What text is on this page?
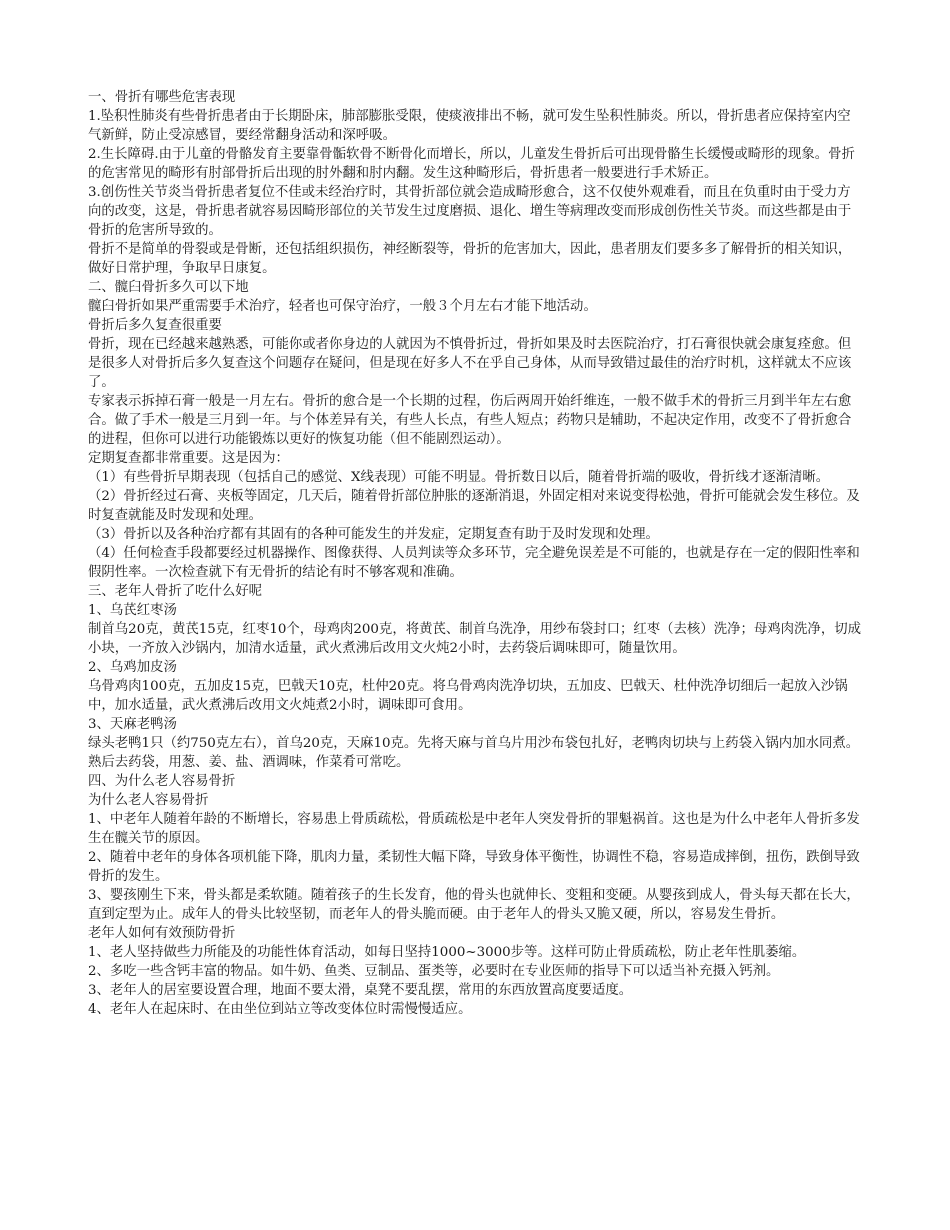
一、骨折有哪些危害表现

1.坠积性肺炎有些骨折患者由于长期卧床，肺部膨胀受限，使痰液排出不畅，就可发生坠积性肺炎。所以，骨折患者应保持室内空气新鲜，防止受凉感冒，要经常翻身活动和深呼吸。

2.生长障碍.由于儿童的骨骼发育主要靠骨骺软骨不断骨化而增长，所以，儿童发生骨折后可出现骨骼生长缓慢或畸形的现象。骨折的危害常见的畸形有肘部骨折后出现的肘外翻和肘内翻。发生这种畸形后，骨折患者一般要进行手术矫正。

3.创伤性关节炎当骨折患者复位不佳或未经治疗时，其骨折部位就会造成畸形愈合，这不仅使外观难看，而且在负重时由于受力方向的改变，这是，骨折患者就容易因畸形部位的关节发生过度磨损、退化、增生等病理改变而形成创伤性关节炎。而这些都是由于骨折的危害所导致的。

骨折不是简单的骨裂或是骨断，还包括组织损伤，神经断裂等，骨折的危害加大，因此，患者朋友们要多多了解骨折的相关知识，做好日常护理，争取早日康复。

二、髋臼骨折多久可以下地

髋臼骨折如果严重需要手术治疗，轻者也可保守治疗，一般３个月左右才能下地活动。

骨折后多久复查很重要

骨折，现在已经越来越熟悉，可能你或者你身边的人就因为不慎骨折过，骨折如果及时去医院治疗，打石膏很快就会康复痊愈。但是很多人对骨折后多久复查这个问题存在疑问，但是现在好多人不在乎自己身体，从而导致错过最佳的治疗时机，这样就太不应该了。

专家表示拆掉石膏一般是一月左右。骨折的愈合是一个长期的过程，伤后两周开始纤维连，一般不做手术的骨折三月到半年左右愈合。做了手术一般是三月到一年。与个体差异有关，有些人长点，有些人短点；药物只是辅助，不起决定作用，改变不了骨折愈合的进程，但你可以进行功能锻炼以更好的恢复功能（但不能剧烈运动）。

定期复查都非常重要。这是因为：

（1）有些骨折早期表现（包括自己的感觉、X线表现）可能不明显。骨折数日以后，随着骨折端的吸收，骨折线才逐渐清晰。

（2）骨折经过石膏、夹板等固定，几天后，随着骨折部位肿胀的逐渐消退，外固定相对来说变得松弛，骨折可能就会发生移位。及时复查就能及时发现和处理。

（3）骨折以及各种治疗都有其固有的各种可能发生的并发症，定期复查有助于及时发现和处理。

（4）任何检查手段都要经过机器操作、图像获得、人员判读等众多环节，完全避免误差是不可能的，也就是存在一定的假阳性率和假阴性率。一次检查就下有无骨折的结论有时不够客观和准确。

三、老年人骨折了吃什么好呢

1、乌芪红枣汤

制首乌20克，黄芪15克，红枣10个，母鸡肉200克，将黄芪、制首乌洗净，用纱布袋封口；红枣（去核）洗净；母鸡肉洗净，切成小块，一齐放入沙锅内，加清水适量，武火煮沸后改用文火炖2小时，去药袋后调味即可，随量饮用。

2、乌鸡加皮汤

乌骨鸡肉100克，五加皮15克，巴戟天10克，杜仲20克。将乌骨鸡肉洗净切块，五加皮、巴戟天、杜仲洗净切细后一起放入沙锅中，加水适量，武火煮沸后改用文火炖煮2小时，调味即可食用。

3、天麻老鸭汤

绿头老鸭1只（约750克左右），首乌20克，天麻10克。先将天麻与首乌片用沙布袋包扎好，老鸭肉切块与上药袋入锅内加水同煮。熟后去药袋，用葱、姜、盐、酒调味，作菜肴可常吃。

四、为什么老人容易骨折

为什么老人容易骨折

1、中老年人随着年龄的不断增长，容易患上骨质疏松，骨质疏松是中老年人突发骨折的罪魁祸首。这也是为什么中老年人骨折多发生在髋关节的原因。

2、随着中老年的身体各项机能下降，肌肉力量，柔韧性大幅下降，导致身体平衡性，协调性不稳，容易造成摔倒，扭伤，跌倒导致骨折的发生。

3、婴孩刚生下来，骨头都是柔软随。随着孩子的生长发育，他的骨头也就伸长、变粗和变硬。从婴孩到成人，骨头每天都在长大，直到定型为止。成年人的骨头比较坚韧，而老年人的骨头脆而硬。由于老年人的骨头又脆又硬，所以，容易发生骨折。

老年人如何有效预防骨折

1、老人坚持做些力所能及的功能性体育活动，如每日坚持1000~3000步等。这样可防止骨质疏松，防止老年性肌萎缩。

2、多吃一些含钙丰富的物品。如牛奶、鱼类、豆制品、蛋类等，必要时在专业医师的指导下可以适当补充摄入钙剂。

3、老年人的居室要设置合理，地面不要太滑，桌凳不要乱摆，常用的东西放置高度要适度。

4、老年人在起床时、在由坐位到站立等改变体位时需慢慢适应。
